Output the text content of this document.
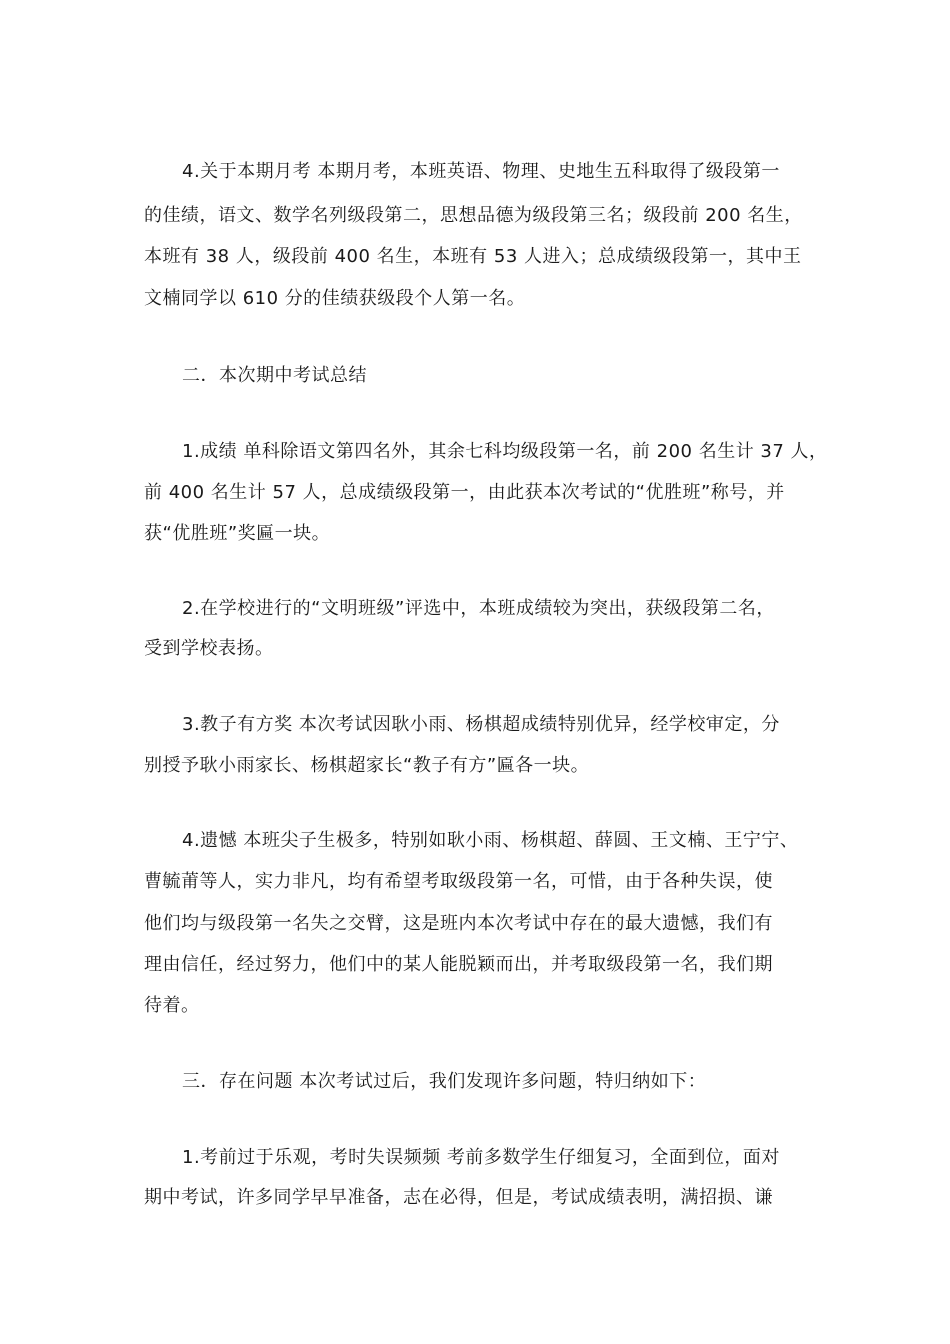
4.关于本期月考 本期月考，本班英语、物理、史地生五科取得了级段第一
的佳绩，语文、数学名列级段第二，思想品德为级段第三名；级段前 200 名生，
本班有 38 人，级段前 400 名生，本班有 53 人进入；总成绩级段第一，其中王
文楠同学以 610 分的佳绩获级段个人第一名。
二．本次期中考试总结
1.成绩 单科除语文第四名外，其余七科均级段第一名，前 200 名生计 37 人，
前 400 名生计 57 人，总成绩级段第一，由此获本次考试的“优胜班”称号，并
获“优胜班”奖匾一块。
2.在学校进行的“文明班级”评选中，本班成绩较为突出，获级段第二名，
受到学校表扬。
3.教子有方奖 本次考试因耿小雨、杨棋超成绩特别优异，经学校审定，分
别授予耿小雨家长、杨棋超家长“教子有方”匾各一块。
4.遗憾 本班尖子生极多，特别如耿小雨、杨棋超、薛圆、王文楠、王宁宁、
曹毓莆等人，实力非凡，均有希望考取级段第一名，可惜，由于各种失误，使
他们均与级段第一名失之交臂，这是班内本次考试中存在的最大遗憾，我们有
理由信任，经过努力，他们中的某人能脱颖而出，并考取级段第一名，我们期
待着。
三．存在问题 本次考试过后，我们发现许多问题，特归纳如下：
1.考前过于乐观，考时失误频频 考前多数学生仔细复习，全面到位，面对
期中考试，许多同学早早准备，志在必得，但是，考试成绩表明，满招损、谦
